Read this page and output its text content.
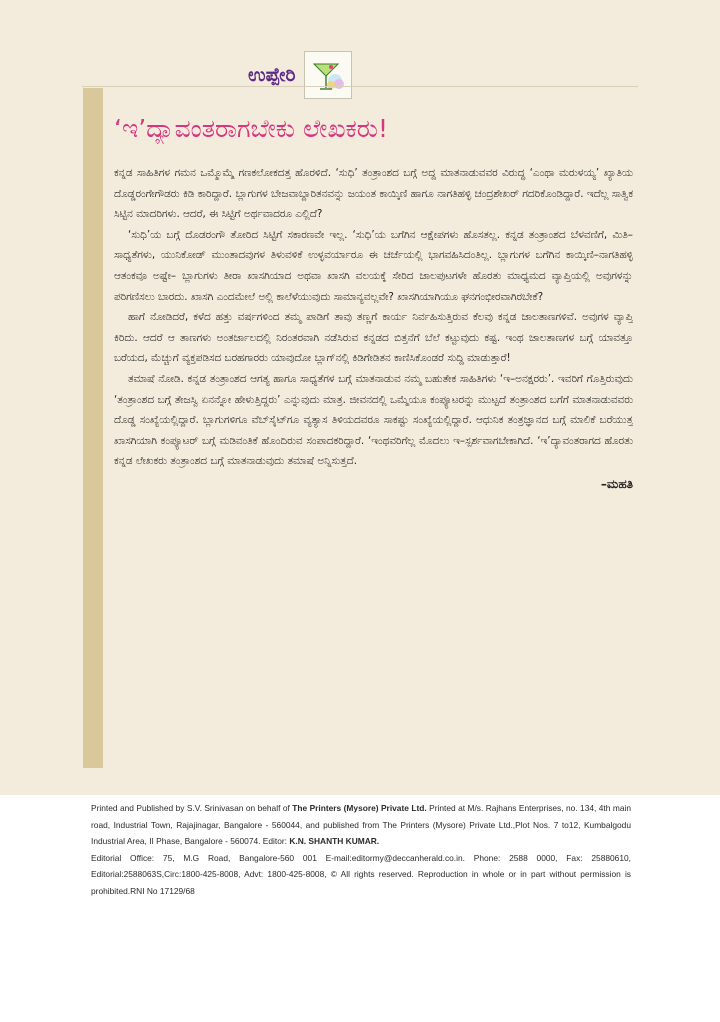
ಉಪ್ಪೇರಿ
‘ಇ’ದ್ಯಾವಂತರಾಗಬೇಕು ಲೇಖಕರು!

ಕನ್ನಡ ಸಾಹಿತಿಗಳ ಗಮನ ಒಮ್ಮೊಮ್ಮೆ ಗಣಕಲೋಕದತ್ತ ಹೊರಳಿದೆ. ‘ಸುಧಿ’ ತಂತ್ರಾಂಶದ ಬಗ್ಗೆ ಅದ್ದ ಮಾತನಾಡುವವರ ವಿರುದ್ಧ ‘ಎಂಥಾ ಮರುಳಯ್ಯ’ ಖ್ಯಾತಿಯ ದೊಡ್ಡರಂಗೇಗೌಡರು ಕಿಡಿ ಕಾರಿದ್ದಾರೆ. ಬ್ಲಾಗುಗಳ ಬೇಜವಾಬ್ದಾರಿತನವನ್ನು ಜಯಂತ ಕಾಯ್ಕಿಣಿ ಹಾಗೂ ನಾಗತಿಹಳ್ಳಿ ಚಂದ್ರಶೇಖರ್ ಗದರಿಕೊಂಡಿದ್ದಾರೆ. ಇದೆಲ್ಲ ಸಾತ್ವಿಕ ಸಿಟ್ಟಿನ ಮಾದರಿಗಳು. ಆದರೆ, ಈ ಸಿಟ್ಟಿಗೆ ಅರ್ಥವಾದರೂ ಎಲ್ಲಿದೆ?

‘ಸುಧಿ’ಯ ಬಗ್ಗೆ ದೊಡರಂಗೌ ತೋರಿದ ಸಿಟ್ಟಿಗೆ ಸಕಾರಣವೇ ಇಲ್ಲ. ‘ಸುಧಿ’ಯ ಬಗೆಗಿನ ಆಕ್ಷೇಪಗಳು ಹೊಸತಲ್ಲ. ಕನ್ನಡ ತಂತ್ರಾಂಶದ ಬೆಳವಣಿಗೆ, ಮಿತಿ–ಸಾಧ್ಯತೆಗಳು, ಯುನಿಕೋಡ್ ಮುಂತಾದವುಗಳ ತಿಳುವಳಿಕೆ ಉಳ್ಳವರ್ಯಾರೂ ಈ ಚರ್ಚೆಯಲ್ಲಿ ಭಾಗವಹಿಸಿದಂತಿಲ್ಲ. ಬ್ಲಾಗುಗಳ ಬಗೆಗಿನ ಕಾಯ್ಕಿಣಿ–ನಾಗತಿಹಳ್ಳಿ ಆತಂಕವೂ ಅಷ್ಟೇ– ಬ್ಲಾಗುಗಳು ತೀರಾ ಖಾಸಗಿಯಾದ ಅಥವಾ ಖಾಸಗಿ ವಲಯಕ್ಕೆ ಸೇರಿದ ಜಾಲಪುಟಗಳೇ ಹೊರತು ಮಾಧ್ಯಮದ ವ್ಯಾಪ್ತಿಯಲ್ಲಿ ಅವುಗಳನ್ನು ಪರಿಗಣಿಸಲು ಬಾರದು. ಖಾಸಗಿ ಎಂದಮೇಲೆ ಅಲ್ಲಿ ಕಾಲೆಳೆಯುವುದು ಸಾಮಾನ್ಯವಲ್ಲವೇ? ಖಾಸಗಿಯಾಗಿಯೂ ಘನಗಂಭೀರವಾಗಿರಬೇಕೆ?

ಹಾಗೆ ನೋಡಿದರೆ, ಕಳೆದ ಹತ್ತು ವರ್ಷಗಳಿಂದ ತಮ್ಮ ಪಾಡಿಗೆ ತಾವು ತಣ್ಣಗೆ ಕಾರ್ಯ ನಿರ್ವಹಿಸುತ್ತಿರುವ ಕೆಲವು ಕನ್ನಡ ಜಾಲತಾಣಗಳಿವೆ. ಅವುಗಳ ವ್ಯಾಪ್ತಿ ಕಿರಿದು. ಆದರೆ ಆ ತಾಣಗಳು ಅಂತರ್ಜಾಲದಲ್ಲಿ ನಿರಂತರವಾಗಿ ನಡೆಸಿರುವ ಕನ್ನಡದ ಬಿತ್ತನೆಗೆ ಬೆಲೆ ಕಟ್ಟುವುದು ಕಷ್ಟ. ಇಂಥ ಜಾಲತಾಣಗಳ ಬಗ್ಗೆ ಯಾವತ್ತೂ ಬರೆಯದ, ಮೆಚ್ಚುಗೆ ವ್ಯಕ್ತಪಡಿಸದ ಬರಹಗಾರರು ಯಾವುದೋ ಬ್ಲಾಗ್‌ನಲ್ಲಿ ಕಿಡಿಗೇಡಿತನ ಕಾಣಿಸಿಕೊಂಡರೆ ಸುದ್ದಿ ಮಾಡುತ್ತಾರೆ!

ತಮಾಷೆ ನೋಡಿ. ಕನ್ನಡ ತಂತ್ರಾಂಶದ ಆಗತ್ಯ ಹಾಗೂ ಸಾಧ್ಯತೆಗಳ ಬಗ್ಗೆ ಮಾತನಾಡುವ ನಮ್ಮ ಬಹುತೇಕ ಸಾಹಿತಿಗಳು ‘ಇ–ಅನಕ್ಷರರು’. ಇವರಿಗೆ ಗೊತ್ತಿರುವುದು ‘ತಂತ್ರಾಂಶದ ಬಗ್ಗೆ ತೇಜಸ್ವಿ ಏನನ್ನೋ ಹೇಳುತ್ತಿದ್ದರು’ ಎನ್ನುವುದು ಮಾತ್ರ. ಜೀವನದಲ್ಲಿ ಒಮ್ಮೆಯೂ ಕಂಪ್ಯೂಟರನ್ನು ಮುಟ್ಟದೆ ತಂತ್ರಾಂಶದ ಬಗೆಗೆ ಮಾತನಾಡುವವರು ದೊಡ್ಡ ಸಂಖ್ಯೆಯಲ್ಲಿದ್ದಾರೆ. ಬ್ಲಾಗುಗಳಿಗೂ ವೆಬ್‌ಸೈಟ್‌ಗೂ ವ್ಯತ್ಯಾಸ ತಿಳಿಯದವರೂ ಸಾಕಷ್ಟು ಸಂಖ್ಯೆಯಲ್ಲಿದ್ದಾರೆ. ಆಧುನಿಕ ತಂತ್ರಜ್ಞಾನದ ಬಗ್ಗೆ ಮಾಲಿಕೆ ಬರೆಯುತ್ತ ಖಾಸಗಿಯಾಗಿ ಕಂಪ್ಯೂಟರ್ ಬಗ್ಗೆ ಮಡಿವಂತಿಕೆ ಹೊಂದಿರುವ ಸಂಪಾದಕರಿದ್ದಾರೆ. ‘ಇಂಥವರಿಗೆಲ್ಲ ಮೊದಲು ಇ–ಸ್ಪರ್ಶವಾಗಬೇಕಾಗಿದೆ. ‘ಇ’ದ್ಯಾವಂತರಾಗದ ಹೊರತು ಕನ್ನಡ ಲೇಖಕರು ತಂತ್ರಾಂಶದ ಬಗ್ಗೆ ಮಾತನಾಡುವುದು ತಮಾಷೆ ಅನ್ನಿಸುತ್ತದೆ.

–ಮಹತಿ
Printed and Published by S.V. Srinivasan on behalf of The Printers (Mysore) Private Ltd. Printed at M/s. Rajhans Enterprises, no. 134, 4th main road, Industrial Town, Rajajinagar, Bangalore - 560044, and published from The Printers (Mysore) Private Ltd.,Plot Nos. 7 to12, Kumbalgodu Industrial Area, II Phase, Bangalore - 560074. Editor: K.N. SHANTH KUMAR.
Editorial Office: 75, M.G Road, Bangalore-560 001 E-mail:editormy@deccanherald.co.in. Phone: 2588 0000, Fax: 25880610, Editorial:2588063S,Circ:1800-425-8008, Advt: 1800-425-8008, © All rights reserved. Reproduction in whole or in part without permission is prohibited.RNI No 17129/68
